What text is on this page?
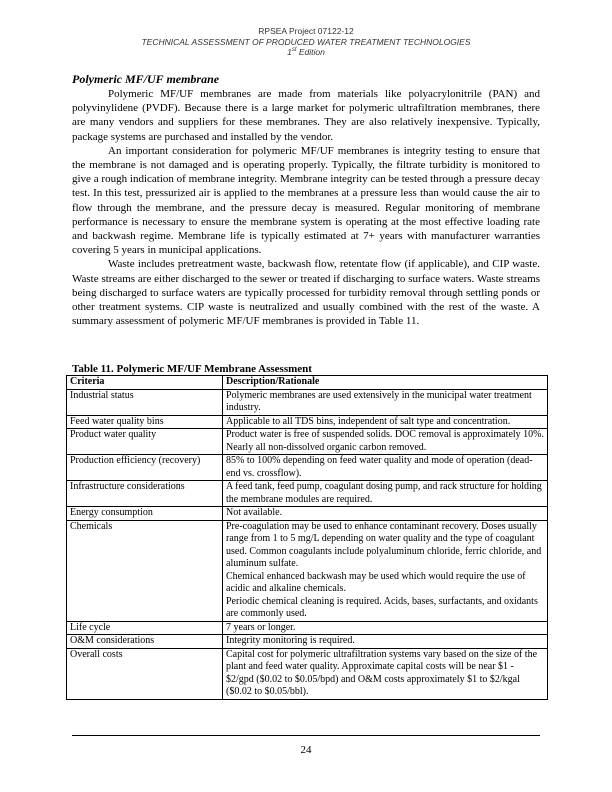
RPSEA Project 07122-12
TECHNICAL ASSESSMENT OF PRODUCED WATER TREATMENT TECHNOLOGIES
1st Edition
Polymeric MF/UF membrane

Polymeric MF/UF membranes are made from materials like polyacrylonitrile (PAN) and polyvinylidene (PVDF). Because there is a large market for polymeric ultrafiltration membranes, there are many vendors and suppliers for these membranes. They are also relatively inexpensive. Typically, package systems are purchased and installed by the vendor.

An important consideration for polymeric MF/UF membranes is integrity testing to ensure that the membrane is not damaged and is operating properly. Typically, the filtrate turbidity is monitored to give a rough indication of membrane integrity. Membrane integrity can be tested through a pressure decay test. In this test, pressurized air is applied to the membranes at a pressure less than would cause the air to flow through the membrane, and the pressure decay is measured. Regular monitoring of membrane performance is necessary to ensure the membrane system is operating at the most effective loading rate and backwash regime. Membrane life is typically estimated at 7+ years with manufacturer warranties covering 5 years in municipal applications.

Waste includes pretreatment waste, backwash flow, retentate flow (if applicable), and CIP waste. Waste streams are either discharged to the sewer or treated if discharging to surface waters. Waste streams being discharged to surface waters are typically processed for turbidity removal through settling ponds or other treatment systems. CIP waste is neutralized and usually combined with the rest of the waste. A summary assessment of polymeric MF/UF membranes is provided in Table 11.

Table 11. Polymeric MF/UF Membrane Assessment
Criteria	Description/Rationale
Industrial status	Polymeric membranes are used extensively in the municipal water treatment industry.
Feed water quality bins	Applicable to all TDS bins, independent of salt type and concentration.
Product water quality	Product water is free of suspended solids. DOC removal is approximately 10%. Nearly all non-dissolved organic carbon removed.
Production efficiency (recovery)	85% to 100% depending on feed water quality and mode of operation (dead-end vs. crossflow).
Infrastructure considerations	A feed tank, feed pump, coagulant dosing pump, and rack structure for holding the membrane modules are required.
Energy consumption	Not available.
Chemicals	Pre-coagulation may be used to enhance contaminant recovery. Doses usually range from 1 to 5 mg/L depending on water quality and the type of coagulant used. Common coagulants include polyaluminum chloride, ferric chloride, and aluminum sulfate.
Chemical enhanced backwash may be used which would require the use of acidic and alkaline chemicals.
Periodic chemical cleaning is required. Acids, bases, surfactants, and oxidants are commonly used.

Life cycle	7 years or longer.
O&M considerations	Integrity monitoring is required.
Overall costs	Capital cost for polymeric ultrafiltration systems vary based on the size of the plant and feed water quality. Approximate capital costs will be near $1 - $2/gpd ($0.02 to $0.05/bpd) and O&M costs approximately $1 to $2/kgal ($0.02 to $0.05/bbl).
24
